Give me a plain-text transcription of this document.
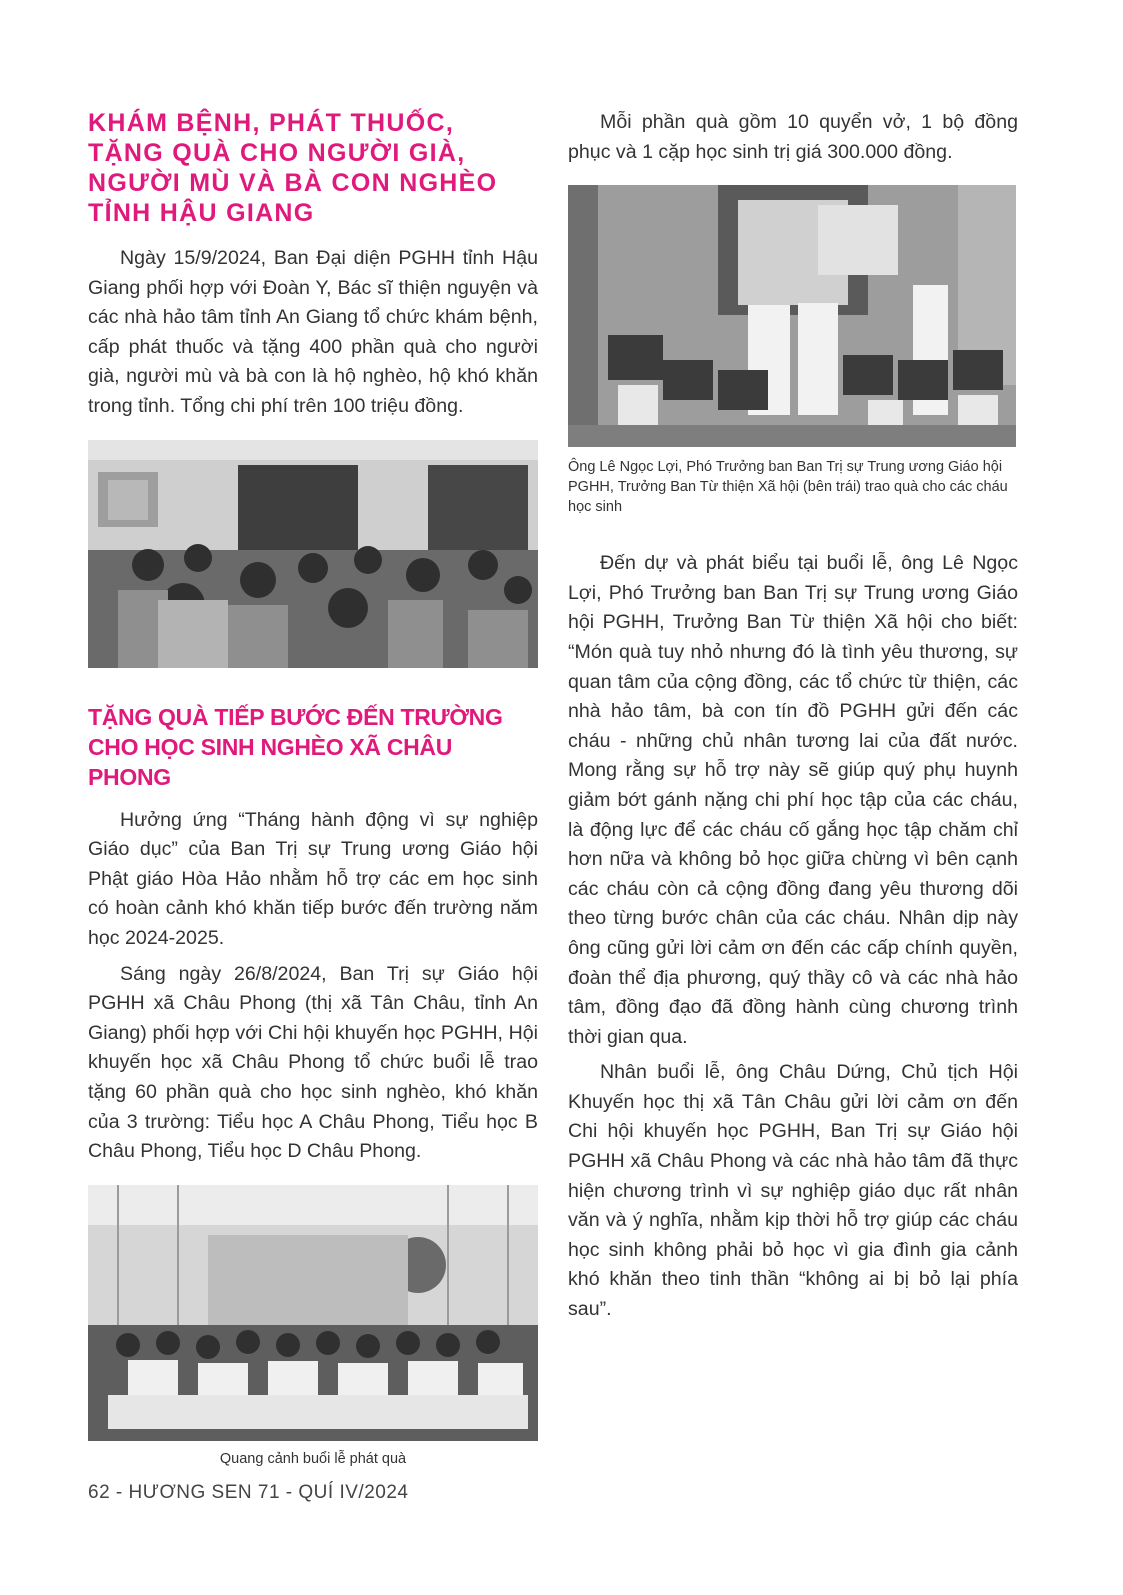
KHÁM BỆNH, PHÁT THUỐC, TẶNG QUÀ CHO NGƯỜI GIÀ, NGƯỜI MÙ VÀ BÀ CON NGHÈO TỈNH HẬU GIANG

Ngày 15/9/2024, Ban Đại diện PGHH tỉnh Hậu Giang phối hợp với Đoàn Y, Bác sĩ thiện nguyện và các nhà hảo tâm tỉnh An Giang tổ chức khám bệnh, cấp phát thuốc và tặng 400 phần quà cho người già, người mù và bà con là hộ nghèo, hộ khó khăn trong tỉnh. Tổng chi phí trên 100 triệu đồng.

TẶNG QUÀ TIẾP BƯỚC ĐẾN TRƯỜNG CHO HỌC SINH NGHÈO XÃ CHÂU PHONG

Hưởng ứng “Tháng hành động vì sự nghiệp Giáo dục” của Ban Trị sự Trung ương Giáo hội Phật giáo Hòa Hảo nhằm hỗ trợ các em học sinh có hoàn cảnh khó khăn tiếp bước đến trường năm học 2024-2025.

Sáng ngày 26/8/2024, Ban Trị sự Giáo hội PGHH xã Châu Phong (thị xã Tân Châu, tỉnh An Giang) phối hợp với Chi hội khuyến học PGHH, Hội khuyến học xã Châu Phong tổ chức buổi lễ trao tặng 60 phần quà cho học sinh nghèo, khó khăn của 3 trường: Tiểu học A Châu Phong, Tiểu học B Châu Phong, Tiểu học D Châu Phong.

Quang cảnh buổi lễ phát quà

Mỗi phần quà gồm 10 quyển vở, 1 bộ đồng phục và 1 cặp học sinh trị giá 300.000 đồng.

Ông Lê Ngọc Lợi, Phó Trưởng ban Ban Trị sự Trung ương Giáo hội PGHH, Trưởng Ban Từ thiện Xã hội (bên trái) trao quà cho các cháu học sinh

Đến dự và phát biểu tại buổi lễ, ông Lê Ngọc Lợi, Phó Trưởng ban Ban Trị sự Trung ương Giáo hội PGHH, Trưởng Ban Từ thiện Xã hội cho biết: “Món quà tuy nhỏ nhưng đó là tình yêu thương, sự quan tâm của cộng đồng, các tổ chức từ thiện, các nhà hảo tâm, bà con tín đồ PGHH gửi đến các cháu - những chủ nhân tương lai của đất nước. Mong rằng sự hỗ trợ này sẽ giúp quý phụ huynh giảm bớt gánh nặng chi phí học tập của các cháu, là động lực để các cháu cố gắng học tập chăm chỉ hơn nữa và không bỏ học giữa chừng vì bên cạnh các cháu còn cả cộng đồng đang yêu thương dõi theo từng bước chân của các cháu. Nhân dịp này ông cũng gửi lời cảm ơn đến các cấp chính quyền, đoàn thể địa phương, quý thầy cô và các nhà hảo tâm, đồng đạo đã đồng hành cùng chương trình thời gian qua.

Nhân buổi lễ, ông Châu Dứng, Chủ tịch Hội Khuyến học thị xã Tân Châu gửi lời cảm ơn đến Chi hội khuyến học PGHH, Ban Trị sự Giáo hội PGHH xã Châu Phong và các nhà hảo tâm đã thực hiện chương trình vì sự nghiệp giáo dục rất nhân văn và ý nghĩa, nhằm kịp thời hỗ trợ giúp các cháu học sinh không phải bỏ học vì gia đình gia cảnh khó khăn theo tinh thần “không ai bị bỏ lại phía sau”.

62 - HƯƠNG SEN 71 - QUÍ IV/2024
